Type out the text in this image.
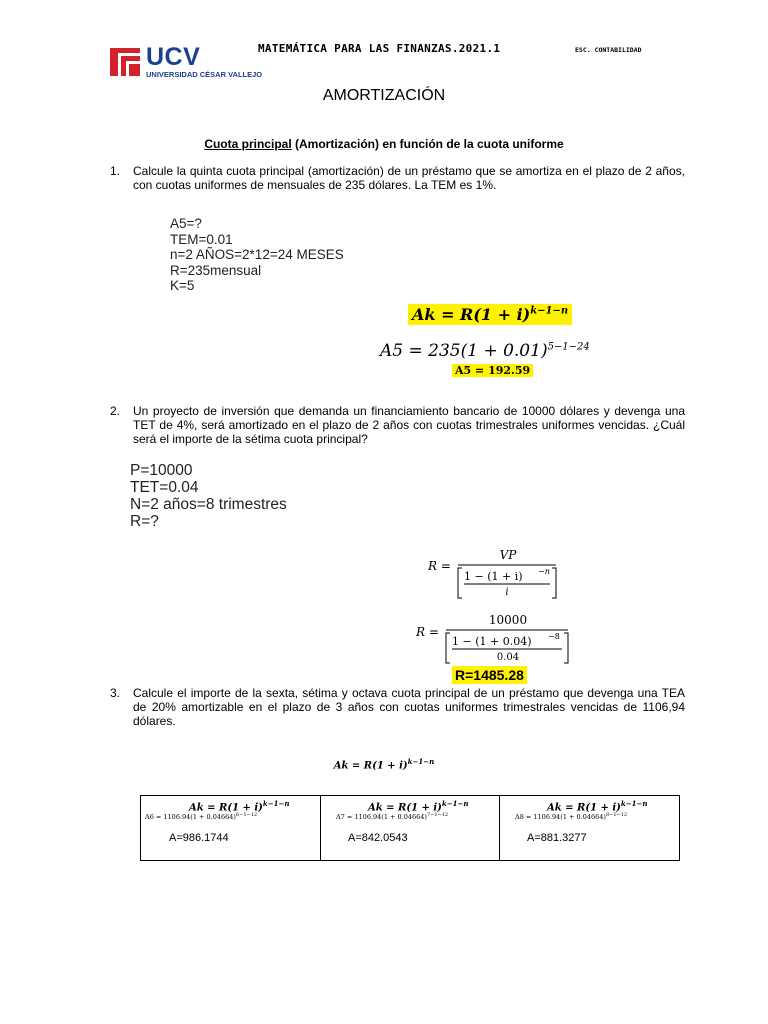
UCV
UNIVERSIDAD CÉSAR VALLEJO
MATEMÁTICA PARA LAS FINANZAS.2021.1	ESC. CONTABILIDAD
AMORTIZACIÓN
Cuota principal (Amortización) en función de la cuota uniforme
1. Calcule la quinta cuota principal (amortización) de un préstamo que se amortiza en el plazo de 2 años, con cuotas uniformes de mensuales de 235 dólares. La TEM es 1%.
A5=?
TEM=0.01
n=2 AÑOS=2*12=24 MESES
R=235mensual
K=5
$Ak = R(1 + i)^{k-1-n}$
$A5 = 235(1 + 0.01)^{5-1-24}$
A5 = 192.59
2. Un proyecto de inversión que demanda un financiamiento bancario de 10000 dólares y devenga una TET de 4%, será amortizado en el plazo de 2 años con cuotas trimestrales uniformes vencidas. ¿Cuál será el importe de la sétima cuota principal?
P=10000
TET=0.04
N=2 años=8 trimestres
R=?
R =
VP
1 − (1 + i) −n
i
R =
10000
1 − (1 + 0.04) −8
0.04
R=1485.28
3. Calcule el importe de la sexta, sétima y octava cuota principal de un préstamo que devenga una TEA de 20% amortizable en el plazo de 3 años con cuotas uniformes trimestrales vencidas de 1106,94 dólares.
$Ak = R(1 + i)^{k-1-n}$
$Ak = R(1 + i)^{k-1-n}$
$A6 = 1106.94(1 + 0.04664)^{6-1-12}$
A=986.1744
$Ak = R(1 + i)^{k-1-n}$
$A7 = 1106.94(1 + 0.04664)^{7-1-12}$
A=842.0543
$Ak = R(1 + i)^{k-1-n}$
$A8 = 1106.94(1 + 0.04664)^{8-1-12}$
A=881.3277
